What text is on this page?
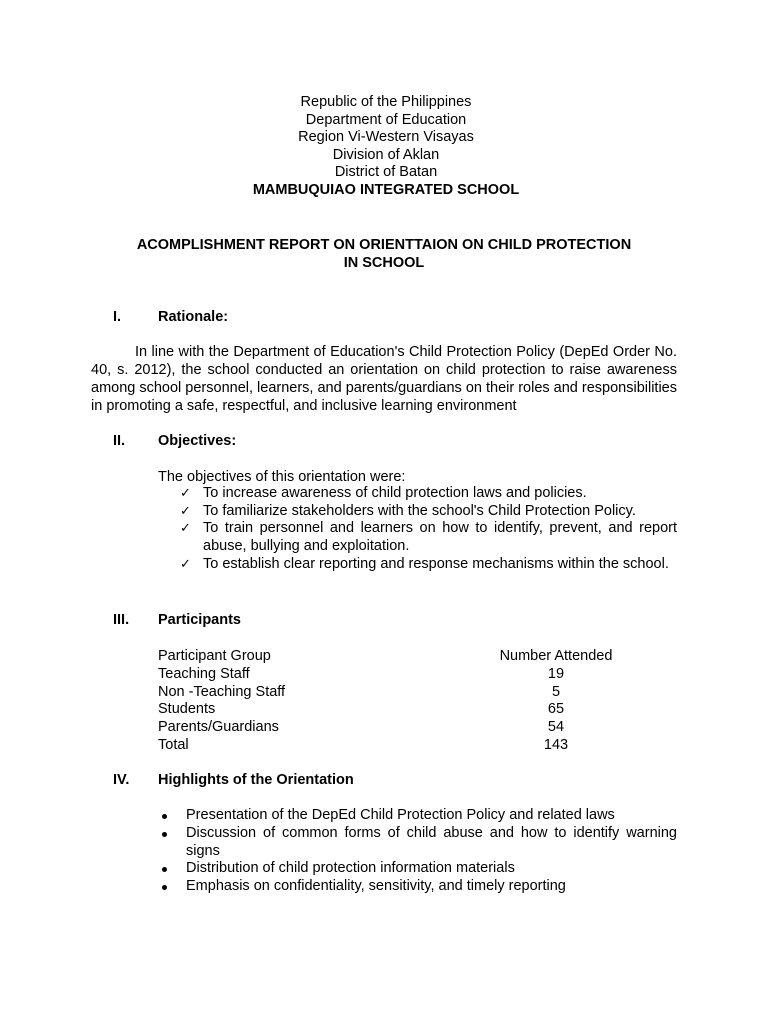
Republic of the Philippines
Department of Education
Region Vi-Western Visayas
Division of Aklan
District of Batan
MAMBUQUIAO INTEGRATED SCHOOL
ACOMPLISHMENT REPORT ON ORIENTTAION ON CHILD PROTECTION
IN SCHOOL
I.	Rationale:
In line with the Department of Education's Child Protection Policy (DepEd Order No. 40, s. 2012), the school conducted an orientation on child protection to raise awareness among school personnel, learners, and parents/guardians on their roles and responsibilities in promoting a safe, respectful, and inclusive learning environment
II. Objectives:
The objectives of this orientation were:
✓ To increase awareness of child protection laws and policies.
✓ To familiarize stakeholders with the school's Child Protection Policy.
✓ To train personnel and learners on how to identify, prevent, and report abuse, bullying and exploitation.
✓ To establish clear reporting and response mechanisms within the school.
III. Participants
Participant Group	Number Attended
Teaching Staff	19
Non -Teaching Staff	5
Students	65
Parents/Guardians	54
Total	143
IV. Highlights of the Orientation
Presentation of the DepEd Child Protection Policy and related laws
Discussion of common forms of child abuse and how to identify warning signs
Distribution of child protection information materials
Emphasis on confidentiality, sensitivity, and timely reporting
